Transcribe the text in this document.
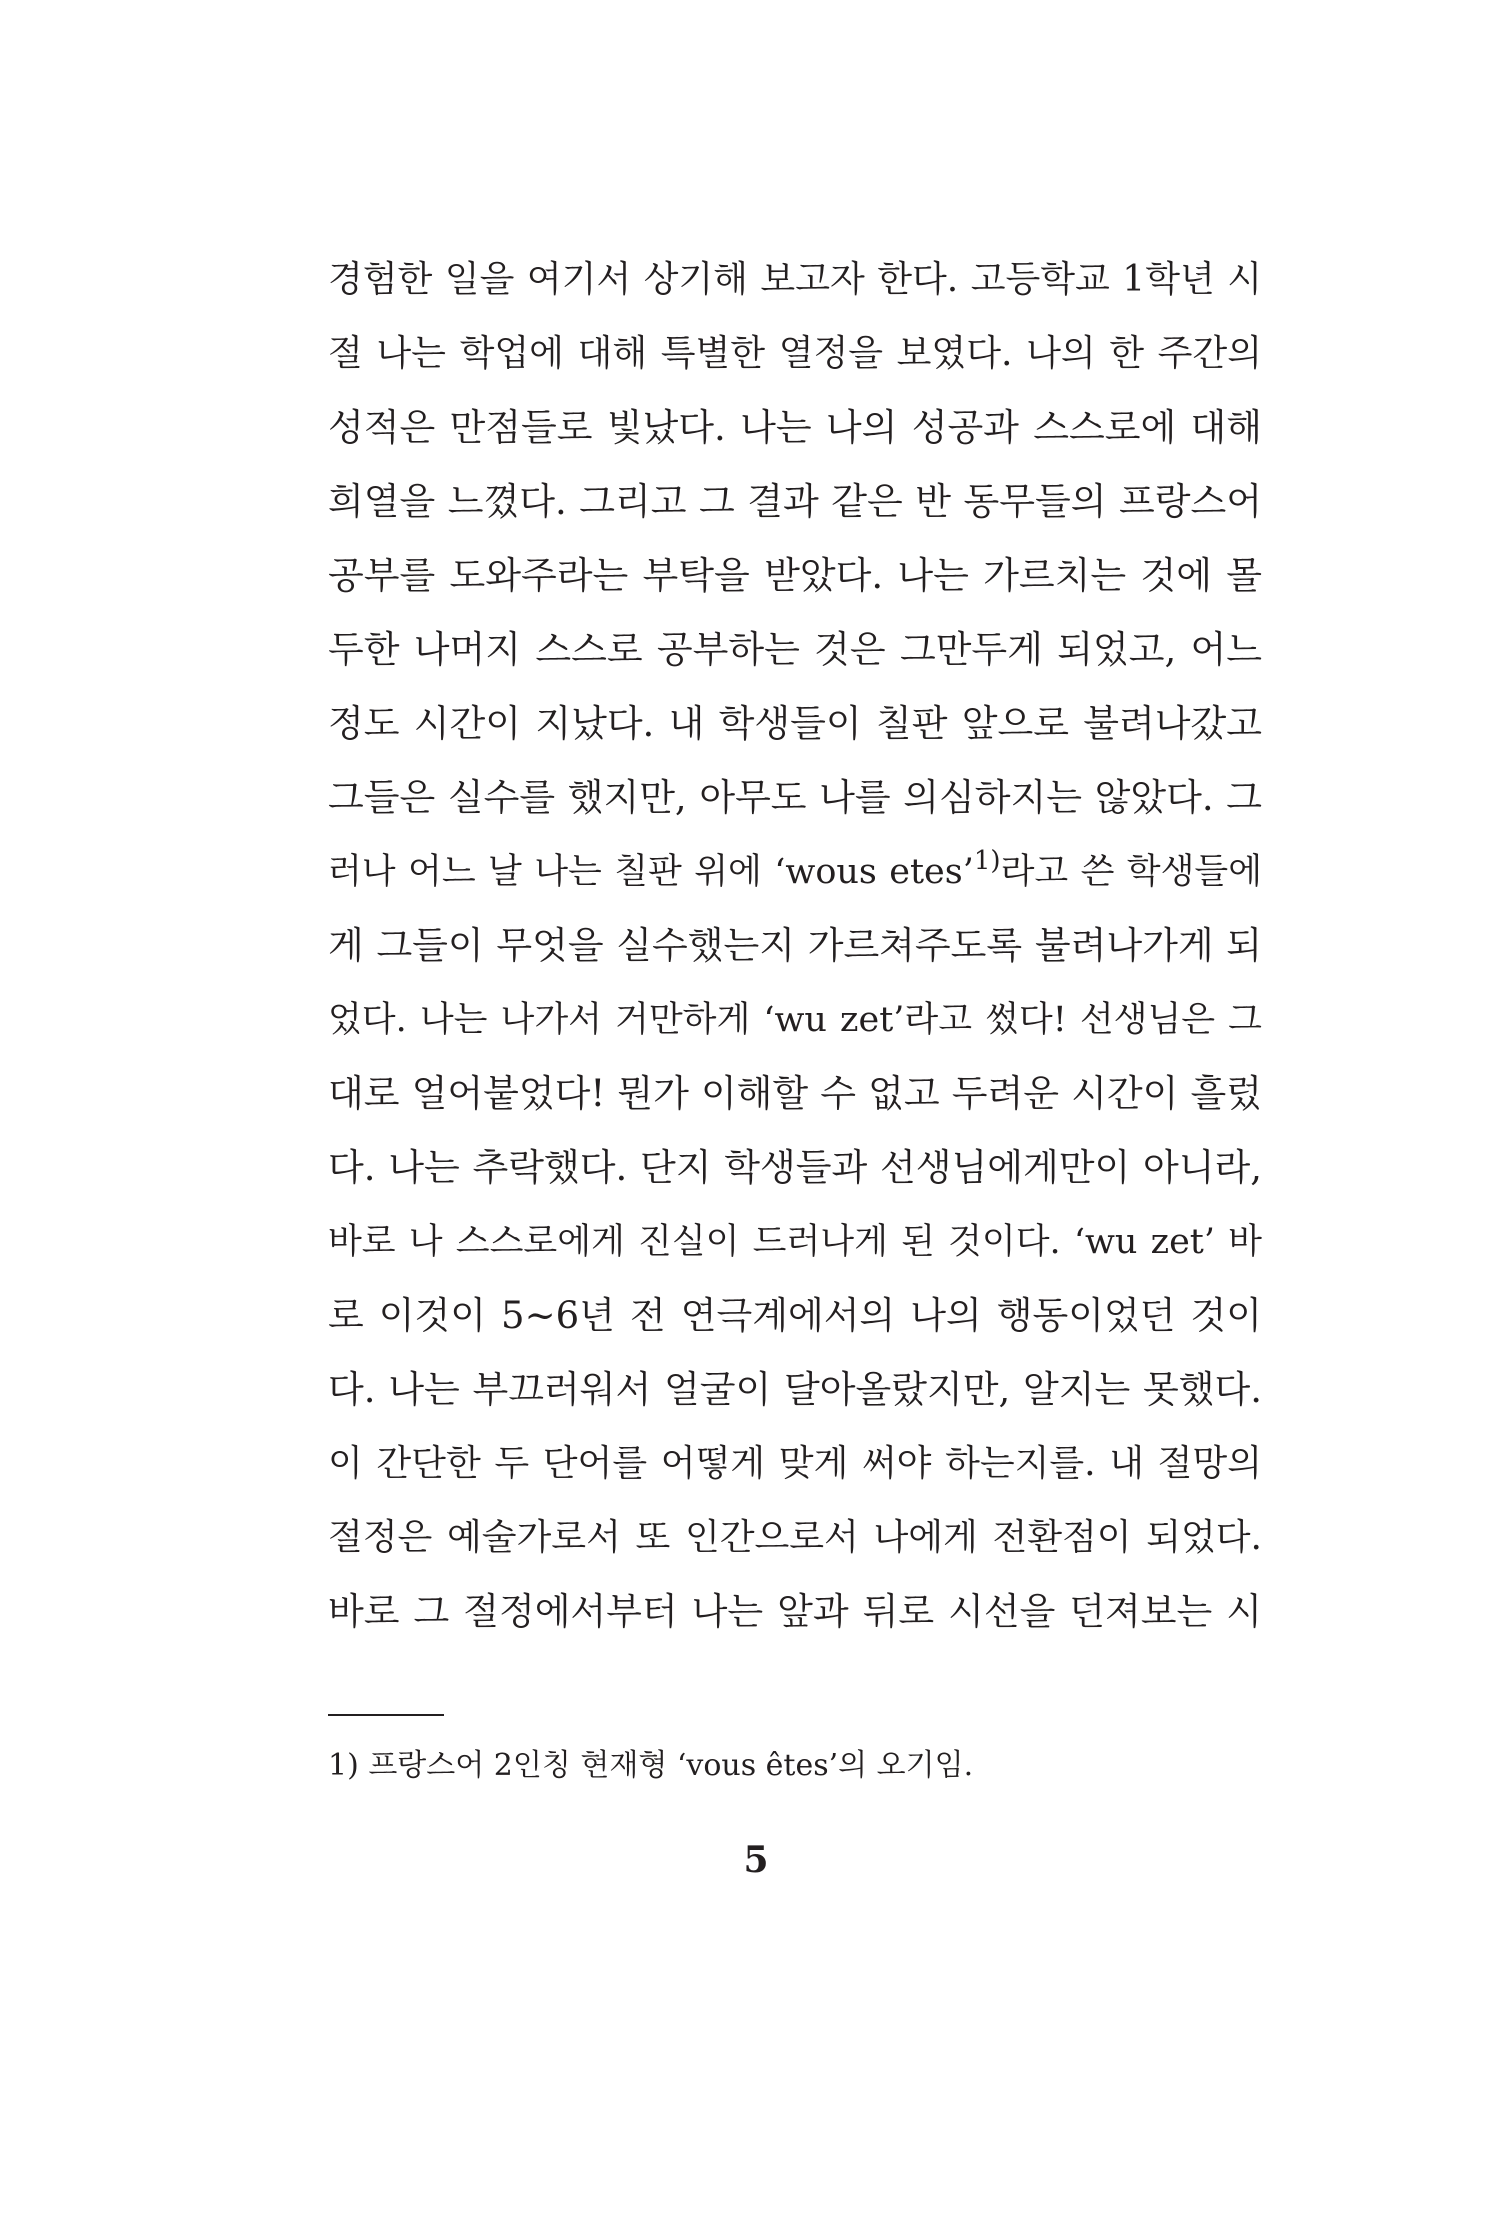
경험한 일을 여기서 상기해 보고자 한다. 고등학교 1학년 시
절 나는 학업에 대해 특별한 열정을 보였다. 나의 한 주간의
성적은 만점들로 빛났다. 나는 나의 성공과 스스로에 대해
희열을 느꼈다. 그리고 그 결과 같은 반 동무들의 프랑스어
공부를 도와주라는 부탁을 받았다. 나는 가르치는 것에 몰
두한 나머지 스스로 공부하는 것은 그만두게 되었고, 어느
정도 시간이 지났다. 내 학생들이 칠판 앞으로 불려나갔고
그들은 실수를 했지만, 아무도 나를 의심하지는 않았다. 그
러나 어느 날 나는 칠판 위에 ‘wous etes’$^{1)}$라고 쓴 학생들에
게 그들이 무엇을 실수했는지 가르쳐주도록 불려나가게 되
었다. 나는 나가서 거만하게 ‘wu zet’라고 썼다! 선생님은 그
대로 얼어붙었다! 뭔가 이해할 수 없고 두려운 시간이 흘렀
다. 나는 추락했다. 단지 학생들과 선생님에게만이 아니라,
바로 나 스스로에게 진실이 드러나게 된 것이다. ‘wu zet’ 바
로 이것이 5~6년 전 연극계에서의 나의 행동이었던 것이
다. 나는 부끄러워서 얼굴이 달아올랐지만, 알지는 못했다.
이 간단한 두 단어를 어떻게 맞게 써야 하는지를. 내 절망의
절정은 예술가로서 또 인간으로서 나에게 전환점이 되었다.
바로 그 절정에서부터 나는 앞과 뒤로 시선을 던져보는 시
1) 프랑스어 2인칭 현재형 ‘vous êtes’의 오기임.
5
